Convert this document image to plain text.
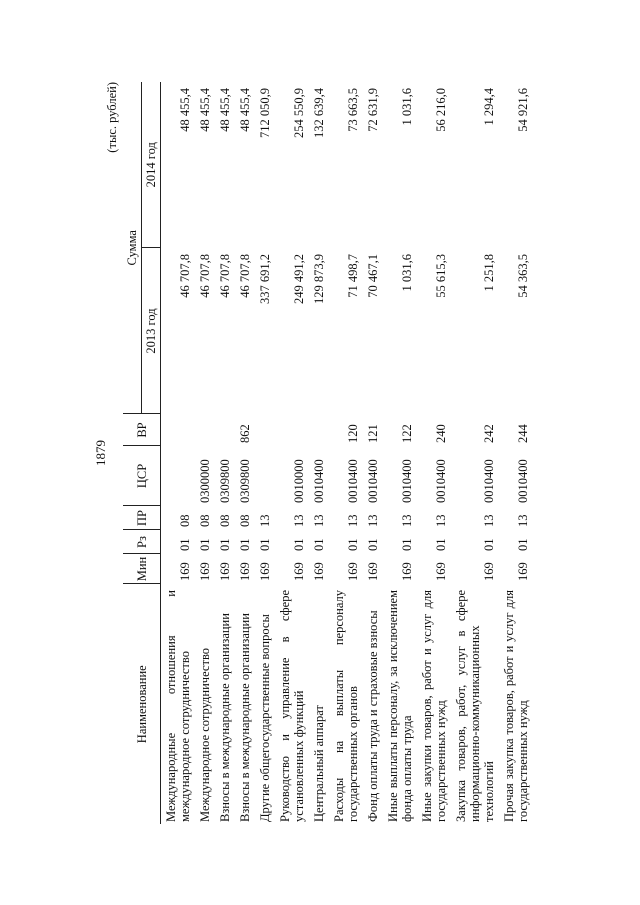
1879
(тыс. рублей)
Наименование	Мин	Рз	ПР	ЦСР	ВР	Сумма	
						2013 год	2014 год
Международные отношения и международное сотрудничество	169	01	08			46 707,8	48 455,4
Международное сотрудничество	169	01	08	0300000		46 707,8	48 455,4
Взносы в международные организации	169	01	08	0309800		46 707,8	48 455,4
Взносы в международные организации	169	01	08	0309800	862	46 707,8	48 455,4
Другие общегосударственные вопросы	169	01	13			337 691,2	712 050,9
Руководство и управление в сфере установленных функций	169	01	13	0010000		249 491,2	254 550,9
Центральный аппарат	169	01	13	0010400		129 873,9	132 639,4
Расходы на выплаты персоналу государственных органов	169	01	13	0010400	120	71 498,7	73 663,5
Фонд оплаты труда и страховые взносы	169	01	13	0010400	121	70 467,1	72 631,9
Иные выплаты персоналу, за исключением фонда оплаты труда	169	01	13	0010400	122	1 031,6	1 031,6
Иные закупки товаров, работ и услуг для государственных нужд	169	01	13	0010400	240	55 615,3	56 216,0
Закупка товаров, работ, услуг в сфере информационно-коммуникационных технологий	169	01	13	0010400	242	1 251,8	1 294,4
Прочая закупка товаров, работ и услуг для государственных нужд	169	01	13	0010400	244	54 363,5	54 921,6
